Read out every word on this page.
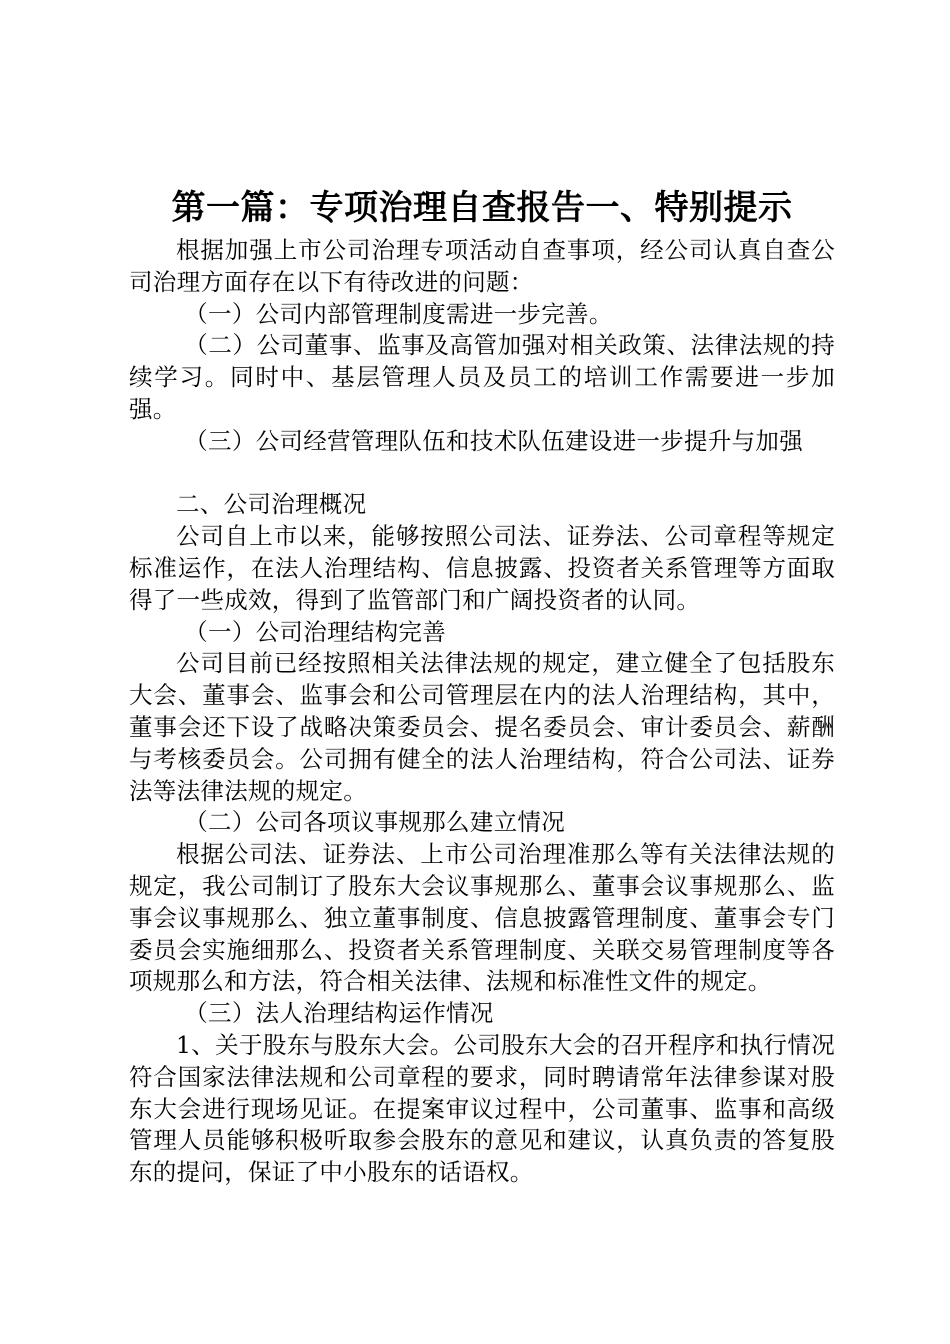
第一篇：专项治理自查报告一、特别提示

根据加强上市公司治理专项活动自查事项，经公司认真自查公司治理方面存在以下有待改进的问题：

（一）公司内部管理制度需进一步完善。

（二）公司董事、监事及高管加强对相关政策、法律法规的持续学习。同时中、基层管理人员及员工的培训工作需要进一步加强。

（三）公司经营管理队伍和技术队伍建设进一步提升与加强

二、公司治理概况

公司自上市以来，能够按照公司法、证券法、公司章程等规定标准运作，在法人治理结构、信息披露、投资者关系管理等方面取得了一些成效，得到了监管部门和广阔投资者的认同。

（一）公司治理结构完善

公司目前已经按照相关法律法规的规定，建立健全了包括股东大会、董事会、监事会和公司管理层在内的法人治理结构，其中，董事会还下设了战略决策委员会、提名委员会、审计委员会、薪酬与考核委员会。公司拥有健全的法人治理结构，符合公司法、证券法等法律法规的规定。

（二）公司各项议事规那么建立情况

根据公司法、证券法、上市公司治理准那么等有关法律法规的规定，我公司制订了股东大会议事规那么、董事会议事规那么、监事会议事规那么、独立董事制度、信息披露管理制度、董事会专门委员会实施细那么、投资者关系管理制度、关联交易管理制度等各项规那么和方法，符合相关法律、法规和标准性文件的规定。

（三）法人治理结构运作情况

1、关于股东与股东大会。公司股东大会的召开程序和执行情况符合国家法律法规和公司章程的要求，同时聘请常年法律参谋对股东大会进行现场见证。在提案审议过程中，公司董事、监事和高级管理人员能够积极听取参会股东的意见和建议，认真负责的答复股东的提问，保证了中小股东的话语权。
